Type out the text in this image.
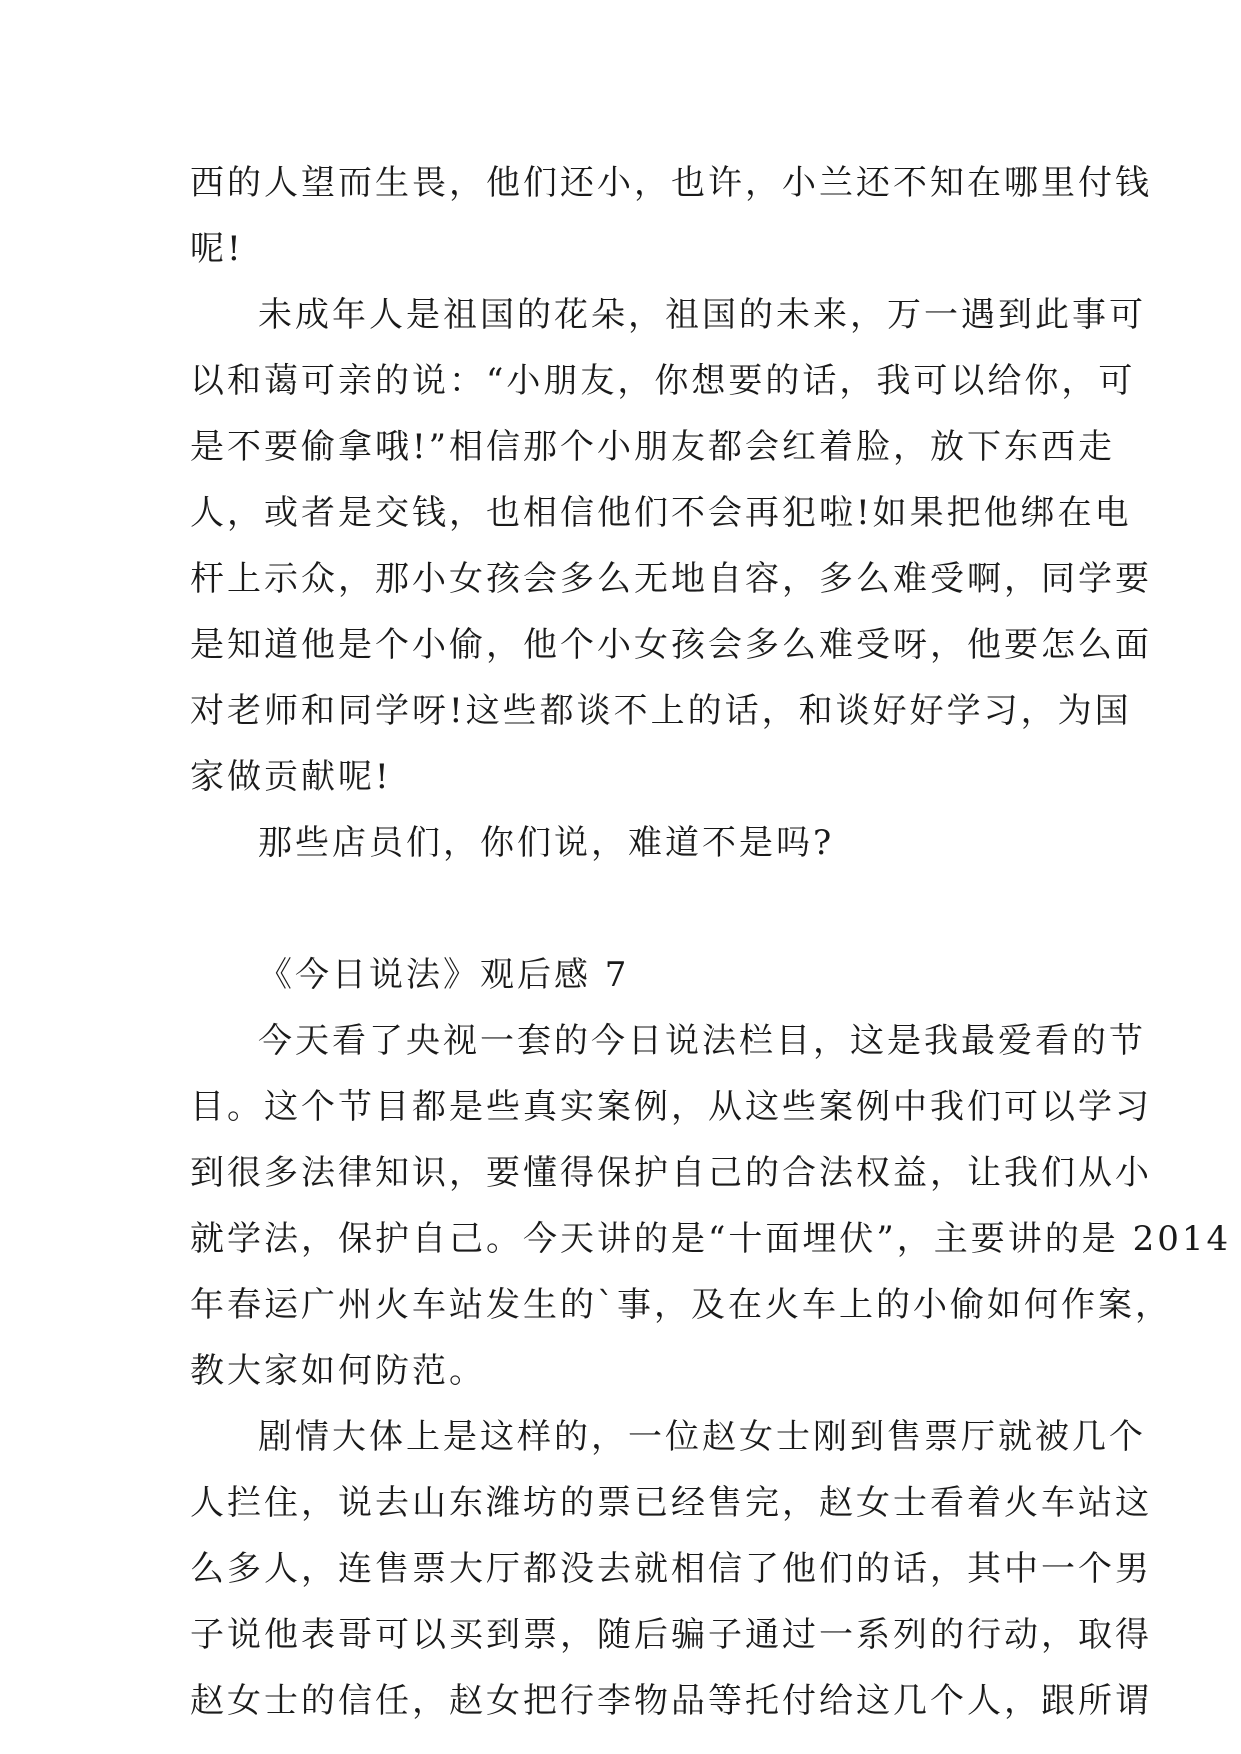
西的人望而生畏，他们还小，也许，小兰还不知在哪里付钱

呢!

未成年人是祖国的花朵，祖国的未来，万一遇到此事可

以和蔼可亲的说：“小朋友，你想要的话，我可以给你，可

是不要偷拿哦!”相信那个小朋友都会红着脸，放下东西走

人，或者是交钱，也相信他们不会再犯啦!如果把他绑在电

杆上示众，那小女孩会多么无地自容，多么难受啊，同学要

是知道他是个小偷，他个小女孩会多么难受呀，他要怎么面

对老师和同学呀!这些都谈不上的话，和谈好好学习，为国

家做贡献呢!

那些店员们，你们说，难道不是吗?

《今日说法》观后感 7

今天看了央视一套的今日说法栏目，这是我最爱看的节

目。这个节目都是些真实案例，从这些案例中我们可以学习

到很多法律知识，要懂得保护自己的合法权益，让我们从小

就学法，保护自己。今天讲的是“十面埋伏”，主要讲的是 2014

年春运广州火车站发生的`事，及在火车上的小偷如何作案，

教大家如何防范。

剧情大体上是这样的，一位赵女士刚到售票厅就被几个

人拦住，说去山东潍坊的票已经售完，赵女士看着火车站这

么多人，连售票大厅都没去就相信了他们的话，其中一个男

子说他表哥可以买到票，随后骗子通过一系列的行动，取得

赵女士的信任，赵女把行李物品等托付给这几个人，跟所谓
